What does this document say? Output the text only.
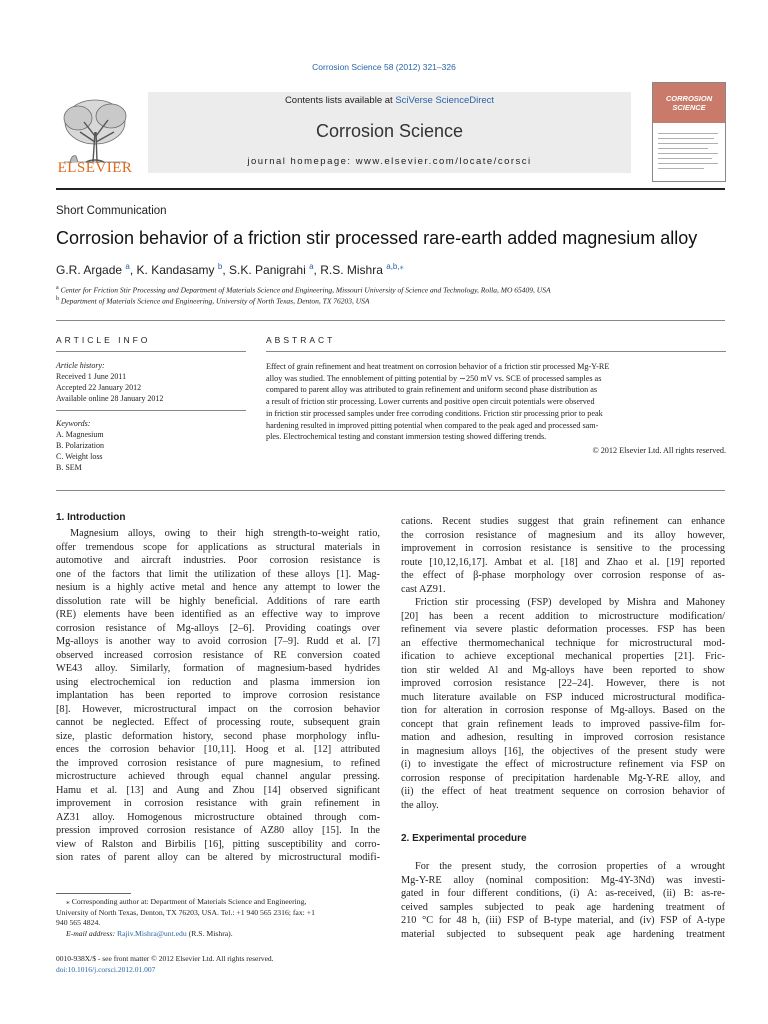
Corrosion Science 58 (2012) 321–326
ELSEVIER
Contents lists available at SciVerse ScienceDirect
Corrosion Science
journal homepage: www.elsevier.com/locate/corsci
CORROSION SCIENCE
Short Communication
Corrosion behavior of a friction stir processed rare-earth added magnesium alloy
G.R. Argade $^a$, K. Kandasamy $^b$, S.K. Panigrahi $^a$, R.S. Mishra $^{a,b,⁎}$
$^a$ Center for Friction Stir Processing and Department of Materials Science and Engineering, Missouri University of Science and Technology, Rolla, MO 65409, USA
$^b$ Department of Materials Science and Engineering, University of North Texas, Denton, TX 76203, USA
ARTICLE INFO	ABSTRACT
Article history:
Received 1 June 2011
Accepted 22 January 2012
Available online 28 January 2012
Keywords:
A. Magnesium
B. Polarization
C. Weight loss
B. SEM
Effect of grain refinement and heat treatment on corrosion behavior of a friction stir processed Mg-Y-RE
alloy was studied. The ennoblement of pitting potential by ∼250 mV vs. SCE of processed samples as
compared to parent alloy was attributed to grain refinement and uniform second phase distribution as
a result of friction stir processing. Lower currents and positive open circuit potentials were observed
in friction stir processed samples under free corroding conditions. Friction stir processing prior to peak
hardening resulted in improved pitting potential when compared to the peak aged and processed sam-
ples. Electrochemical testing and constant immersion testing showed differing trends.
© 2012 Elsevier Ltd. All rights reserved.
1. Introduction
Magnesium alloys, owing to their high strength-to-weight ratio,
offer tremendous scope for applications as structural materials in
automotive and aircraft industries. Poor corrosion resistance is
one of the factors that limit the utilization of these alloys [1]. Mag-
nesium is a highly active metal and hence any attempt to lower the
dissolution rate will be highly beneficial. Additions of rare earth
(RE) elements have been identified as an effective way to improve
corrosion resistance of Mg-alloys [2–6]. Providing coatings over
Mg-alloys is another way to avoid corrosion [7–9]. Rudd et al. [7]
observed increased corrosion resistance of RE conversion coated
WE43 alloy. Similarly, formation of magnesium-based hydrides
using electrochemical ion reduction and plasma immersion ion
implantation has been reported to improve corrosion resistance
[8]. However, microstructural impact on the corrosion behavior
cannot be neglected. Effect of processing route, subsequent grain
size, plastic deformation history, second phase morphology influ-
ences the corrosion behavior [10,11]. Hoog et al. [12] attributed
the improved corrosion resistance of pure magnesium, to refined
microstructure achieved through equal channel angular pressing.
Hamu et al. [13] and Aung and Zhou [14] observed significant
improvement in corrosion resistance with grain refinement in
AZ31 alloy. Homogenous microstructure obtained through com-
pression improved corrosion resistance of AZ80 alloy [15]. In the
view of Ralston and Birbilis [16], pitting susceptibility and corro-
sion rates of parent alloy can be altered by microstructural modifi-
cations. Recent studies suggest that grain refinement can enhance
the corrosion resistance of magnesium and its alloy however,
improvement in corrosion resistance is sensitive to the processing
route [10,12,16,17]. Ambat et al. [18] and Zhao et al. [19] reported
the effect of β-phase morphology over corrosion response of as-
cast AZ91.
Friction stir processing (FSP) developed by Mishra and Mahoney
[20] has been a recent addition to microstructure modification/
refinement via severe plastic deformation processes. FSP has been
an effective thermomechanical technique for microstructural mod-
ification to achieve exceptional mechanical properties [21]. Fric-
tion stir welded Al and Mg-alloys have been reported to show
improved corrosion resistance [22–24]. However, there is not
much literature available on FSP induced microstructural modifica-
tion for alteration in corrosion response of Mg-alloys. Based on the
concept that grain refinement leads to improved passive-film for-
mation and adhesion, resulting in improved corrosion resistance
in magnesium alloys [16], the objectives of the present study were
(i) to investigate the effect of microstructure refinement via FSP on
corrosion response of precipitation hardenable Mg-Y-RE alloy, and
(ii) the effect of heat treatment sequence on corrosion behavior of
the alloy.
2. Experimental procedure
For the present study, the corrosion properties of a wrought
Mg-Y-RE alloy (nominal composition: Mg-4Y-3Nd) was investi-
gated in four different conditions, (i) A: as-received, (ii) B: as-re-
ceived samples subjected to peak age hardening treatment of
210 °C for 48 h, (iii) FSP of B-type material, and (iv) FSP of A-type
material subjected to subsequent peak age hardening treatment
⁎ Corresponding author at: Department of Materials Science and Engineering,
University of North Texas, Denton, TX 76203, USA. Tel.: +1 940 565 2316; fax: +1
940 565 4824.
E-mail address: Rajiv.Mishra@unt.edu (R.S. Mishra).
0010-938X/$ - see front matter © 2012 Elsevier Ltd. All rights reserved.
doi:10.1016/j.corsci.2012.01.007
